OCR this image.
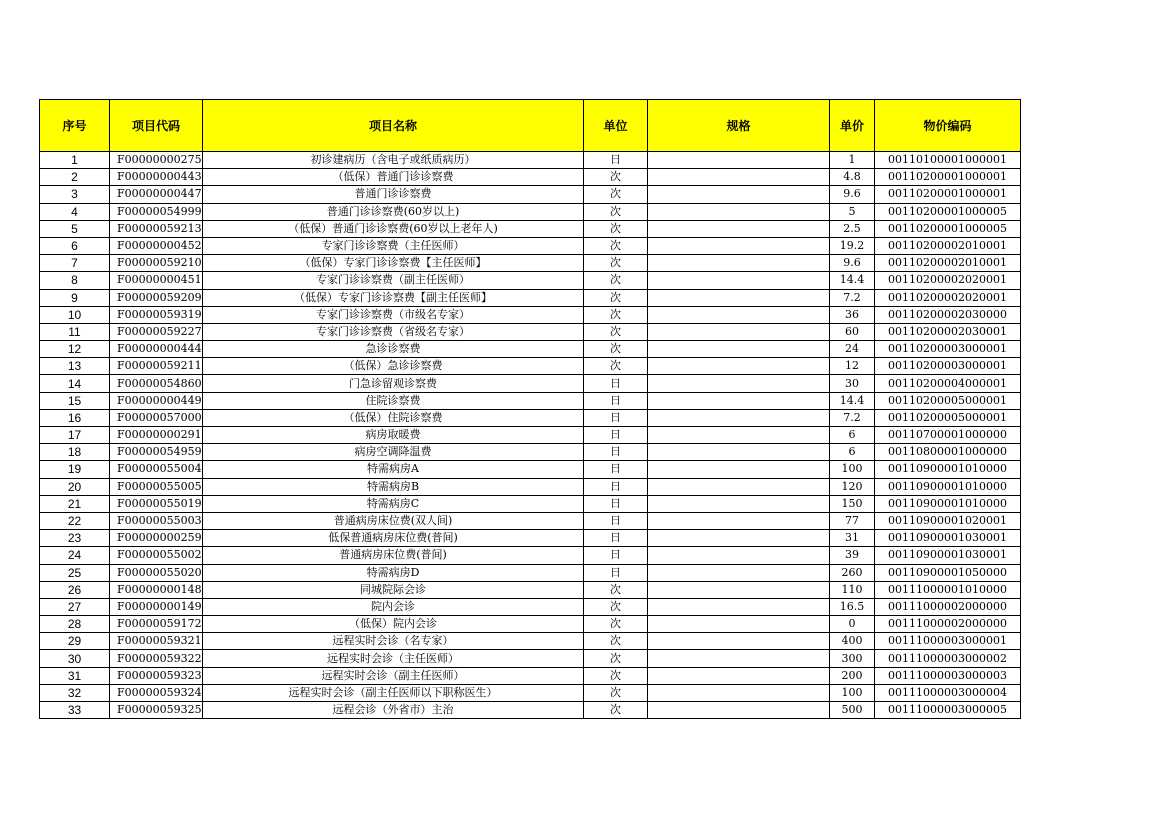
序号	项目代码	项目名称	单位	规格	单价	物价编码
1	F00000000275	初诊建病历（含电子或纸质病历）	日		1	00110100001000001
2	F00000000443	（低保）普通门诊诊察费	次		4.8	00110200001000001
3	F00000000447	普通门诊诊察费	次		9.6	00110200001000001
4	F00000054999	普通门诊诊察费(60岁以上)	次		5	00110200001000005
5	F00000059213	（低保）普通门诊诊察费(60岁以上老年人)	次		2.5	00110200001000005
6	F00000000452	专家门诊诊察费（主任医师）	次		19.2	00110200002010001
7	F00000059210	（低保）专家门诊诊察费【主任医师】	次		9.6	00110200002010001
8	F00000000451	专家门诊诊察费（副主任医师）	次		14.4	00110200002020001
9	F00000059209	（低保）专家门诊诊察费【副主任医师】	次		7.2	00110200002020001
10	F00000059319	专家门诊诊察费（市级名专家）	次		36	00110200002030000
11	F00000059227	专家门诊诊察费（省级名专家）	次		60	00110200002030001
12	F00000000444	急诊诊察费	次		24	00110200003000001
13	F00000059211	（低保）急诊诊察费	次		12	00110200003000001
14	F00000054860	门急诊留观诊察费	日		30	00110200004000001
15	F00000000449	住院诊察费	日		14.4	00110200005000001
16	F00000057000	（低保）住院诊察费	日		7.2	00110200005000001
17	F00000000291	病房取暖费	日		6	00110700001000000
18	F00000054959	病房空调降温费	日		6	00110800001000000
19	F00000055004	特需病房A	日		100	00110900001010000
20	F00000055005	特需病房B	日		120	00110900001010000
21	F00000055019	特需病房C	日		150	00110900001010000
22	F00000055003	普通病房床位费(双人间)	日		77	00110900001020001
23	F00000000259	低保普通病房床位费(普间)	日		31	00110900001030001
24	F00000055002	普通病房床位费(普间)	日		39	00110900001030001
25	F00000055020	特需病房D	日		260	00110900001050000
26	F00000000148	同城院际会诊	次		110	00111000001010000
27	F00000000149	院内会诊	次		16.5	00111000002000000
28	F00000059172	（低保）院内会诊	次		0	00111000002000000
29	F00000059321	远程实时会诊（名专家）	次		400	00111000003000001
30	F00000059322	远程实时会诊（主任医师）	次		300	00111000003000002
31	F00000059323	远程实时会诊（副主任医师）	次		200	00111000003000003
32	F00000059324	远程实时会诊（副主任医师以下职称医生）	次		100	00111000003000004
33	F00000059325	远程会诊（外省市）主治	次		500	00111000003000005
